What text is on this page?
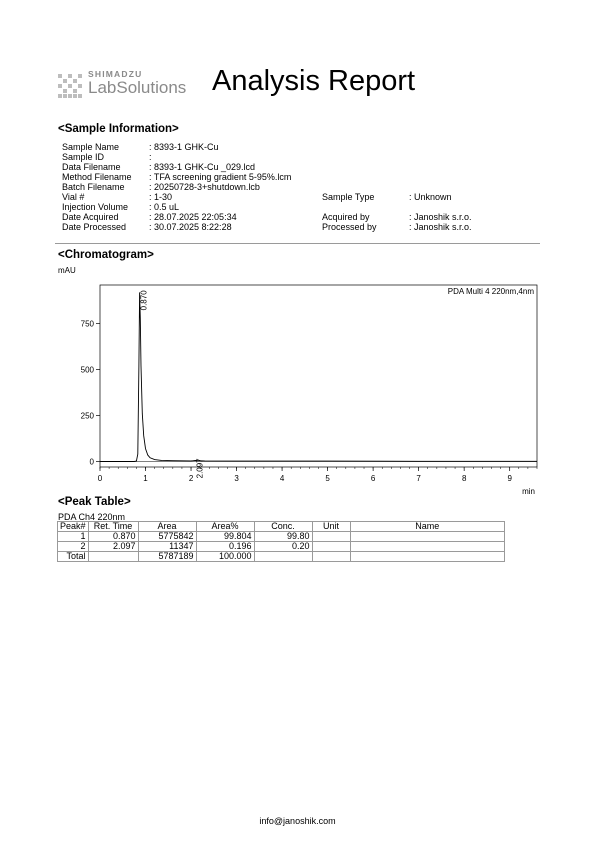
SHIMADZU
LabSolutions Analysis Report
<Sample Information>
Sample Name	: 8393-1 GHK-Cu
Sample ID	:
Data Filename	: 8393-1 GHK-Cu _029.lcd
Method Filename : TFA screening gradient 5-95%.lcm
Batch Filename	: 20250728-3+shutdown.lcb
Vial #	: 1-30
Injection Volume : 0.5 uL
Date Acquired	: 28.07.2025 22:05:34
Date Processed	: 30.07.2025 8:22:28
Sample Type	: Unknown
Acquired by	: Janoshik s.r.o.
Processed by	: Janoshik s.r.o.
<Chromatogram>
mAU
0	1	2	3	4	5	6	7	8	9
0
250
500
750
min
PDA Multi 4 220nm,4nm
0.870
2.097
<Peak Table>
PDA Ch4 220nm
Peak#	Ret. Time	Area	Area%	Conc.	Unit	Name
1	0.870	5775842	99.804	99.80		
2	2.097	11347	0.196	0.20		
Total		5787189	100.000			
info@janoshik.com
